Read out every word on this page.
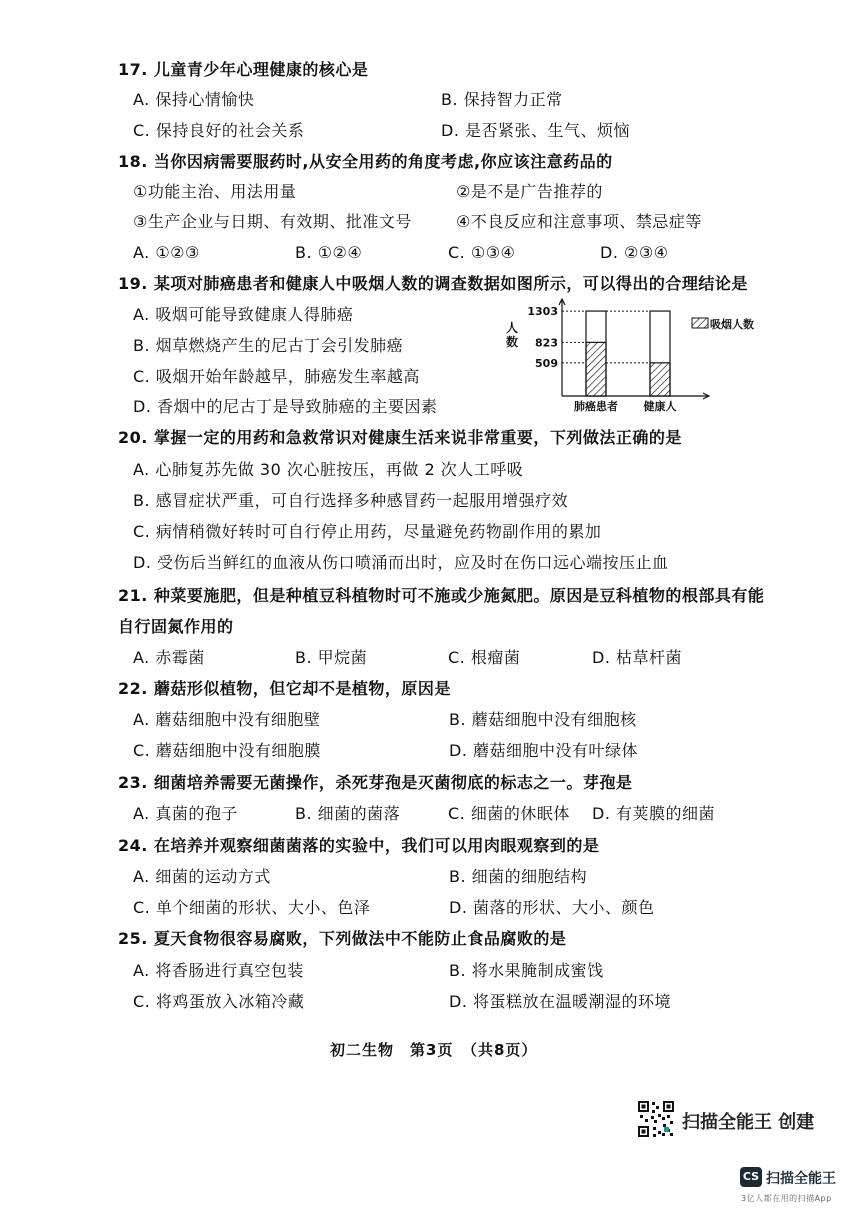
17. 儿童青少年心理健康的核心是
A. 保持心情愉快	B. 保持智力正常
C. 保持良好的社会关系	D. 是否紧张、生气、烦恼
18. 当你因病需要服药时,从安全用药的角度考虑,你应该注意药品的
①功能主治、用法用量	②是不是广告推荐的
③生产企业与日期、有效期、批准文号	④不良反应和注意事项、禁忌症等
A. ①②③	B. ①②④	C. ①③④	D. ②③④
19. 某项对肺癌患者和健康人中吸烟人数的调查数据如图所示，可以得出的合理结论是
A. 吸烟可能导致健康人得肺癌
B. 烟草燃烧产生的尼古丁会引发肺癌
C. 吸烟开始年龄越早，肺癌发生率越高
D. 香烟中的尼古丁是导致肺癌的主要因素
人
数
509
823
1303
肺癌患者 健康人
吸烟人数
20. 掌握一定的用药和急救常识对健康生活来说非常重要，下列做法正确的是
A. 心肺复苏先做 30 次心脏按压，再做 2 次人工呼吸
B. 感冒症状严重，可自行选择多种感冒药一起服用增强疗效
C. 病情稍微好转时可自行停止用药，尽量避免药物副作用的累加
D. 受伤后当鲜红的血液从伤口喷涌而出时，应及时在伤口远心端按压止血
21. 种菜要施肥，但是种植豆科植物时可不施或少施氮肥。原因是豆科植物的根部具有能
自行固氮作用的
A. 赤霉菌	B. 甲烷菌	C. 根瘤菌	D. 枯草杆菌
22. 蘑菇形似植物，但它却不是植物，原因是
A. 蘑菇细胞中没有细胞壁	B. 蘑菇细胞中没有细胞核
C. 蘑菇细胞中没有细胞膜	D. 蘑菇细胞中没有叶绿体
23. 细菌培养需要无菌操作，杀死芽孢是灭菌彻底的标志之一。芽孢是
A. 真菌的孢子	B. 细菌的菌落	C. 细菌的休眠体 D. 有荚膜的细菌
24. 在培养并观察细菌菌落的实验中，我们可以用肉眼观察到的是
A. 细菌的运动方式	B. 细菌的细胞结构
C. 单个细菌的形状、大小、色泽	D. 菌落的形状、大小、颜色
25. 夏天食物很容易腐败，下列做法中不能防止食品腐败的是
A. 将香肠进行真空包装	B. 将水果腌制成蜜饯
C. 将鸡蛋放入冰箱冷藏	D. 将蛋糕放在温暖潮湿的环境
初二生物　第3页　（共8页）
扫描全能王 创建
CS 扫描全能王
3亿人都在用的扫描App
